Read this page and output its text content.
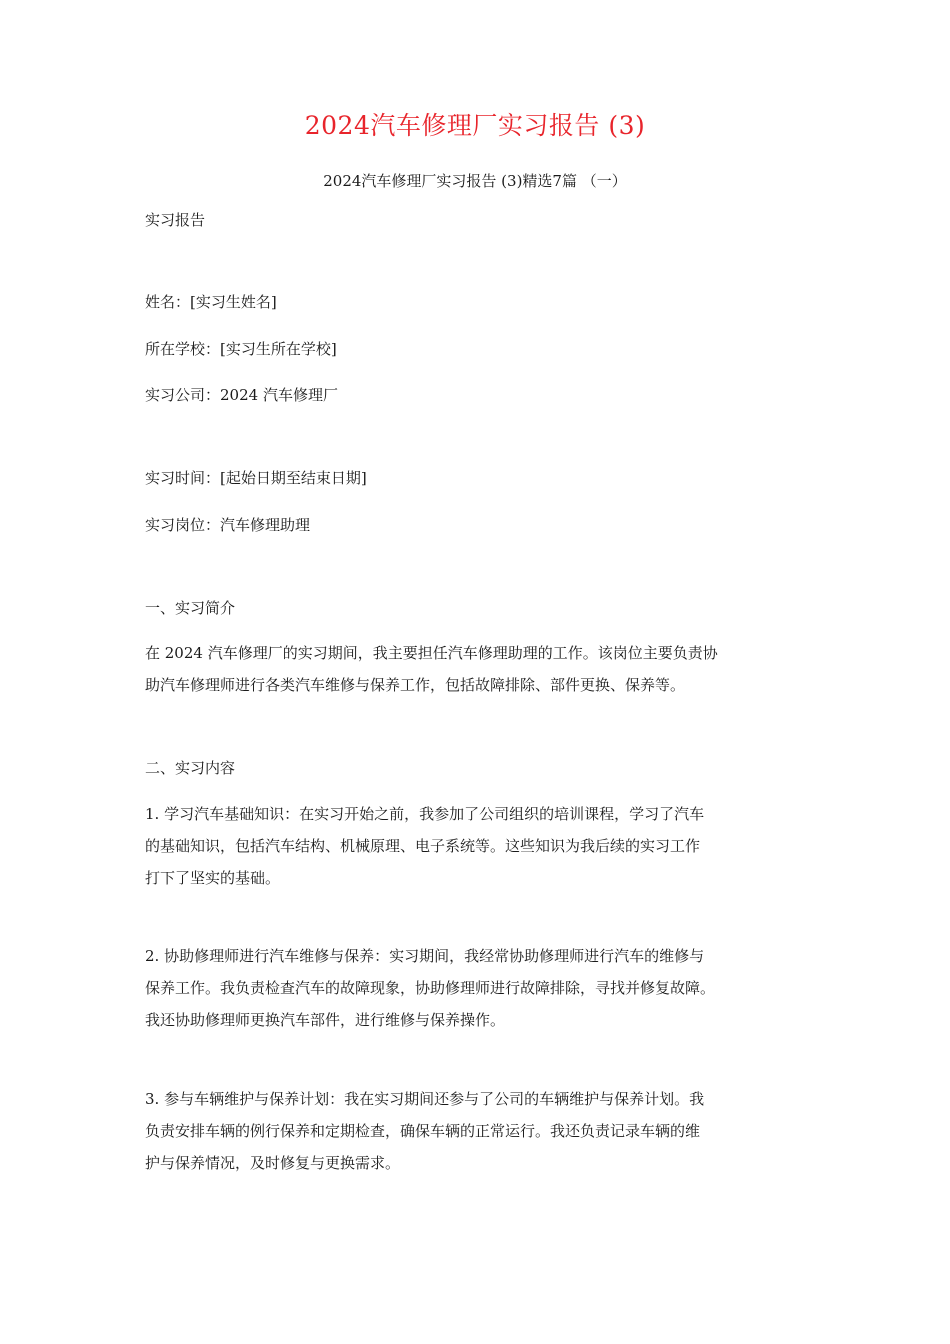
2024汽车修理厂实习报告 (3)
2024汽车修理厂实习报告 (3)精选7篇 （一）
实习报告
姓名：[实习生姓名]
所在学校：[实习生所在学校]
实习公司：2024 汽车修理厂
实习时间：[起始日期至结束日期]
实习岗位：汽车修理助理
一、实习简介
在 2024 汽车修理厂的实习期间，我主要担任汽车修理助理的工作。该岗位主要负责协
助汽车修理师进行各类汽车维修与保养工作，包括故障排除、部件更换、保养等。
二、实习内容
1. 学习汽车基础知识：在实习开始之前，我参加了公司组织的培训课程，学习了汽车
的基础知识，包括汽车结构、机械原理、电子系统等。这些知识为我后续的实习工作
打下了坚实的基础。
2. 协助修理师进行汽车维修与保养：实习期间，我经常协助修理师进行汽车的维修与
保养工作。我负责检查汽车的故障现象，协助修理师进行故障排除，寻找并修复故障。
我还协助修理师更换汽车部件，进行维修与保养操作。
3. 参与车辆维护与保养计划：我在实习期间还参与了公司的车辆维护与保养计划。我
负责安排车辆的例行保养和定期检查，确保车辆的正常运行。我还负责记录车辆的维
护与保养情况，及时修复与更换需求。
